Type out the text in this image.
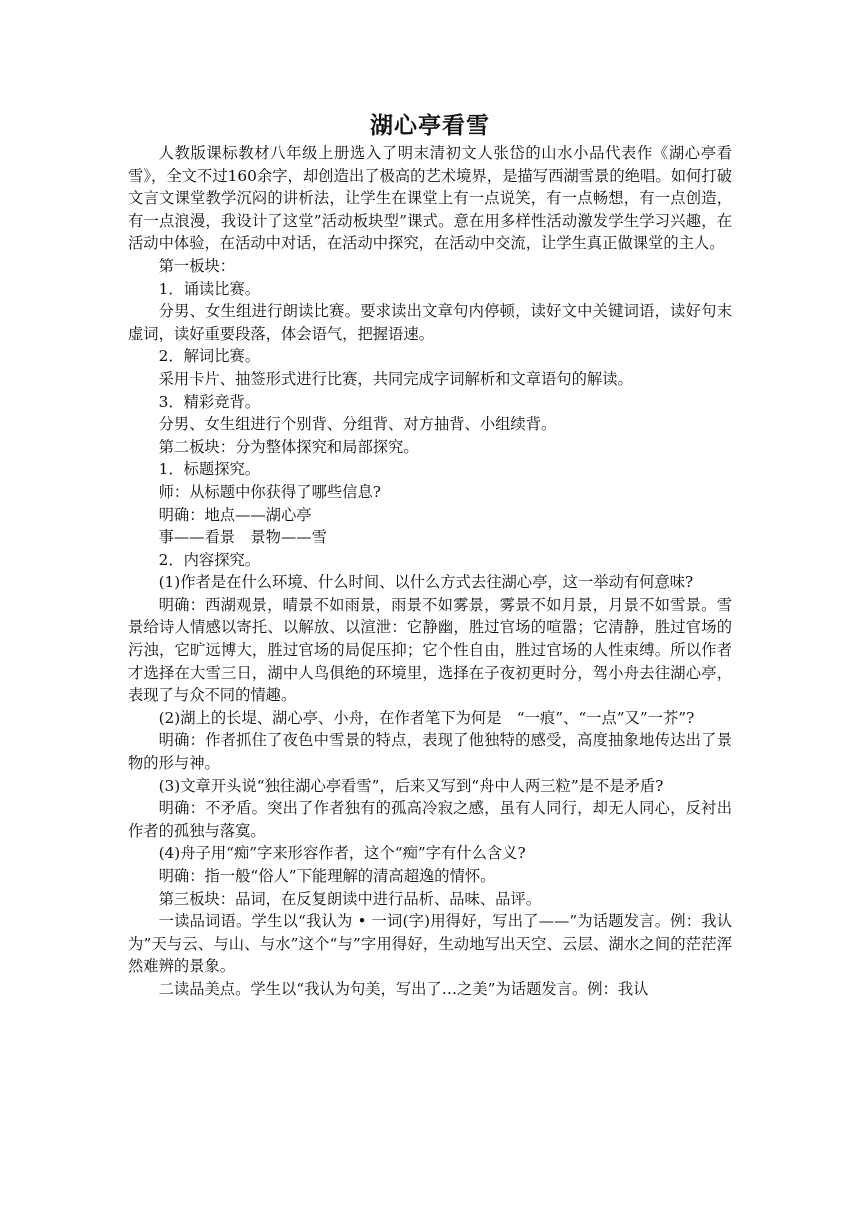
湖心亭看雪

人教版课标教材八年级上册选入了明末清初文人张岱的山水小品代表作《湖心亭看雪》，全文不过160余字，却创造出了极高的艺术境界，是描写西湖雪景的绝唱。如何打破文言文课堂教学沉闷的讲析法，让学生在课堂上有一点说笑，有一点畅想，有一点创造，有一点浪漫，我设计了这堂”活动板块型”课式。意在用多样性活动激发学生学习兴趣，在活动中体验，在活动中对话，在活动中探究，在活动中交流，让学生真正做课堂的主人。

第一板块：

1．诵读比赛。

分男、女生组进行朗读比赛。要求读出文章句内停顿，读好文中关键词语，读好句末虚词，读好重要段落，体会语气，把握语速。

2．解词比赛。

采用卡片、抽签形式进行比赛，共同完成字词解析和文章语句的解读。

3．精彩竞背。

分男、女生组进行个别背、分组背、对方抽背、小组续背。

第二板块：分为整体探究和局部探究。

1．标题探究。

师：从标题中你获得了哪些信息?

明确：地点——湖心亭

事——看景　景物——雪

2．内容探究。

(1)作者是在什么环境、什么时间、以什么方式去往湖心亭，这一举动有何意味?

明确：西湖观景，晴景不如雨景，雨景不如雾景，雾景不如月景，月景不如雪景。雪景给诗人情感以寄托、以解放、以渲泄：它静幽，胜过官场的喧嚣；它清静，胜过官场的污浊，它旷远博大，胜过官场的局促压抑；它个性自由，胜过官场的人性束缚。所以作者才选择在大雪三日，湖中人鸟俱绝的环境里，选择在子夜初更时分，驾小舟去往湖心亭，表现了与众不同的情趣。

(2)湖上的长堤、湖心亭、小舟，在作者笔下为何是　“一痕”、“一点”又”一芥”?

明确：作者抓住了夜色中雪景的特点，表现了他独特的感受，高度抽象地传达出了景物的形与神。

(3)文章开头说“独往湖心亭看雪”，后来又写到“舟中人两三粒”是不是矛盾?

明确：不矛盾。突出了作者独有的孤高冷寂之感，虽有人同行，却无人同心，反衬出作者的孤独与落寞。

(4)舟子用“痴”字来形容作者，这个“痴”字有什么含义?

明确：指一般“俗人”下能理解的清高超逸的情怀。

第三板块：品词，在反复朗读中进行品析、品味、品评。

一读品词语。学生以“我认为 • 一词(字)用得好，写出了——”为话题发言。例：我认为”天与云、与山、与水”这个“与”字用得好，生动地写出天空、云层、湖水之间的茫茫浑然难辨的景象。

二读品美点。学生以“我认为句美，写出了…之美”为话题发言。例：我认
